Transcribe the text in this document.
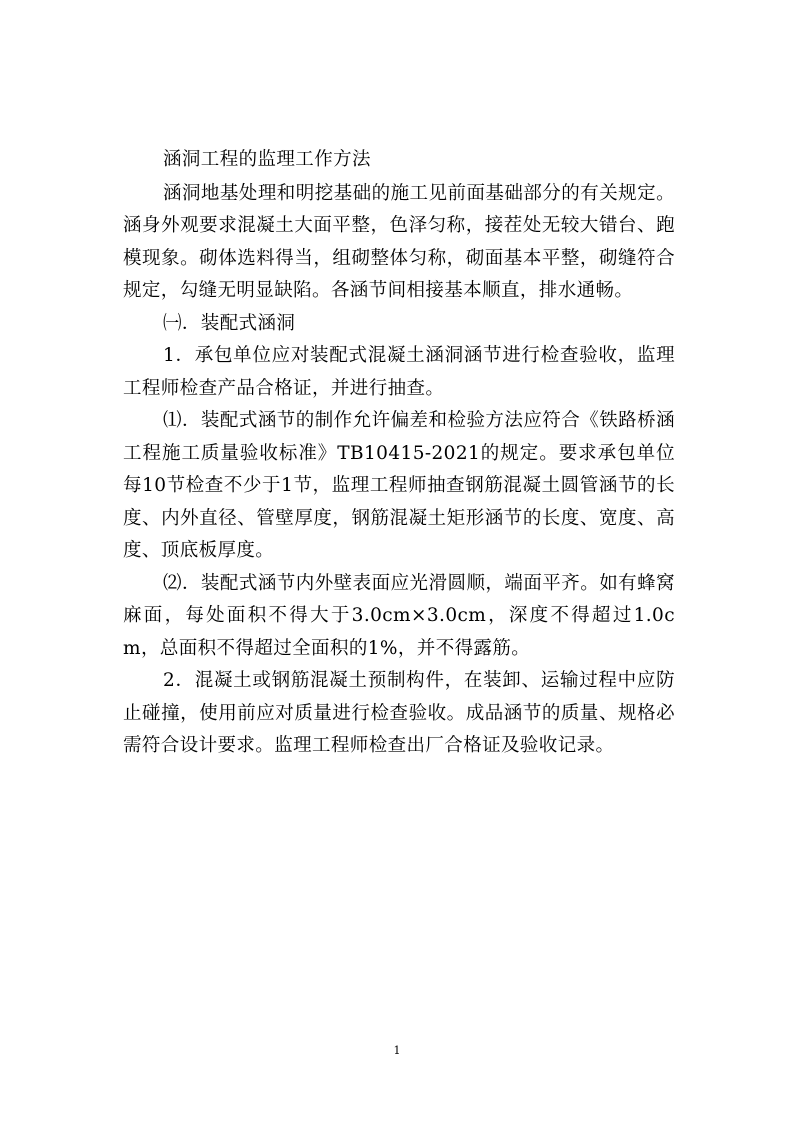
涵洞工程的监理工作方法

涵洞地基处理和明挖基础的施工见前面基础部分的有关规定。涵身外观要求混凝土大面平整，色泽匀称，接茬处无较大错台、跑模现象。砌体选料得当，组砌整体匀称，砌面基本平整，砌缝符合规定，勾缝无明显缺陷。各涵节间相接基本顺直，排水通畅。

㈠．装配式涵洞

1．承包单位应对装配式混凝土涵洞涵节进行检查验收，监理工程师检查产品合格证，并进行抽查。

⑴．装配式涵节的制作允许偏差和检验方法应符合《铁路桥涵工程施工质量验收标准》TB10415-2021的规定。要求承包单位每10节检查不少于1节，监理工程师抽查钢筋混凝土圆管涵节的长度、内外直径、管壁厚度，钢筋混凝土矩形涵节的长度、宽度、高度、顶底板厚度。

⑵．装配式涵节内外壁表面应光滑圆顺，端面平齐。如有蜂窝麻面，每处面积不得大于3.0cm×3.0cm，深度不得超过1.0cm，总面积不得超过全面积的1%，并不得露筋。

2．混凝土或钢筋混凝土预制构件，在装卸、运输过程中应防止碰撞，使用前应对质量进行检查验收。成品涵节的质量、规格必需符合设计要求。监理工程师检查出厂合格证及验收记录。

1
